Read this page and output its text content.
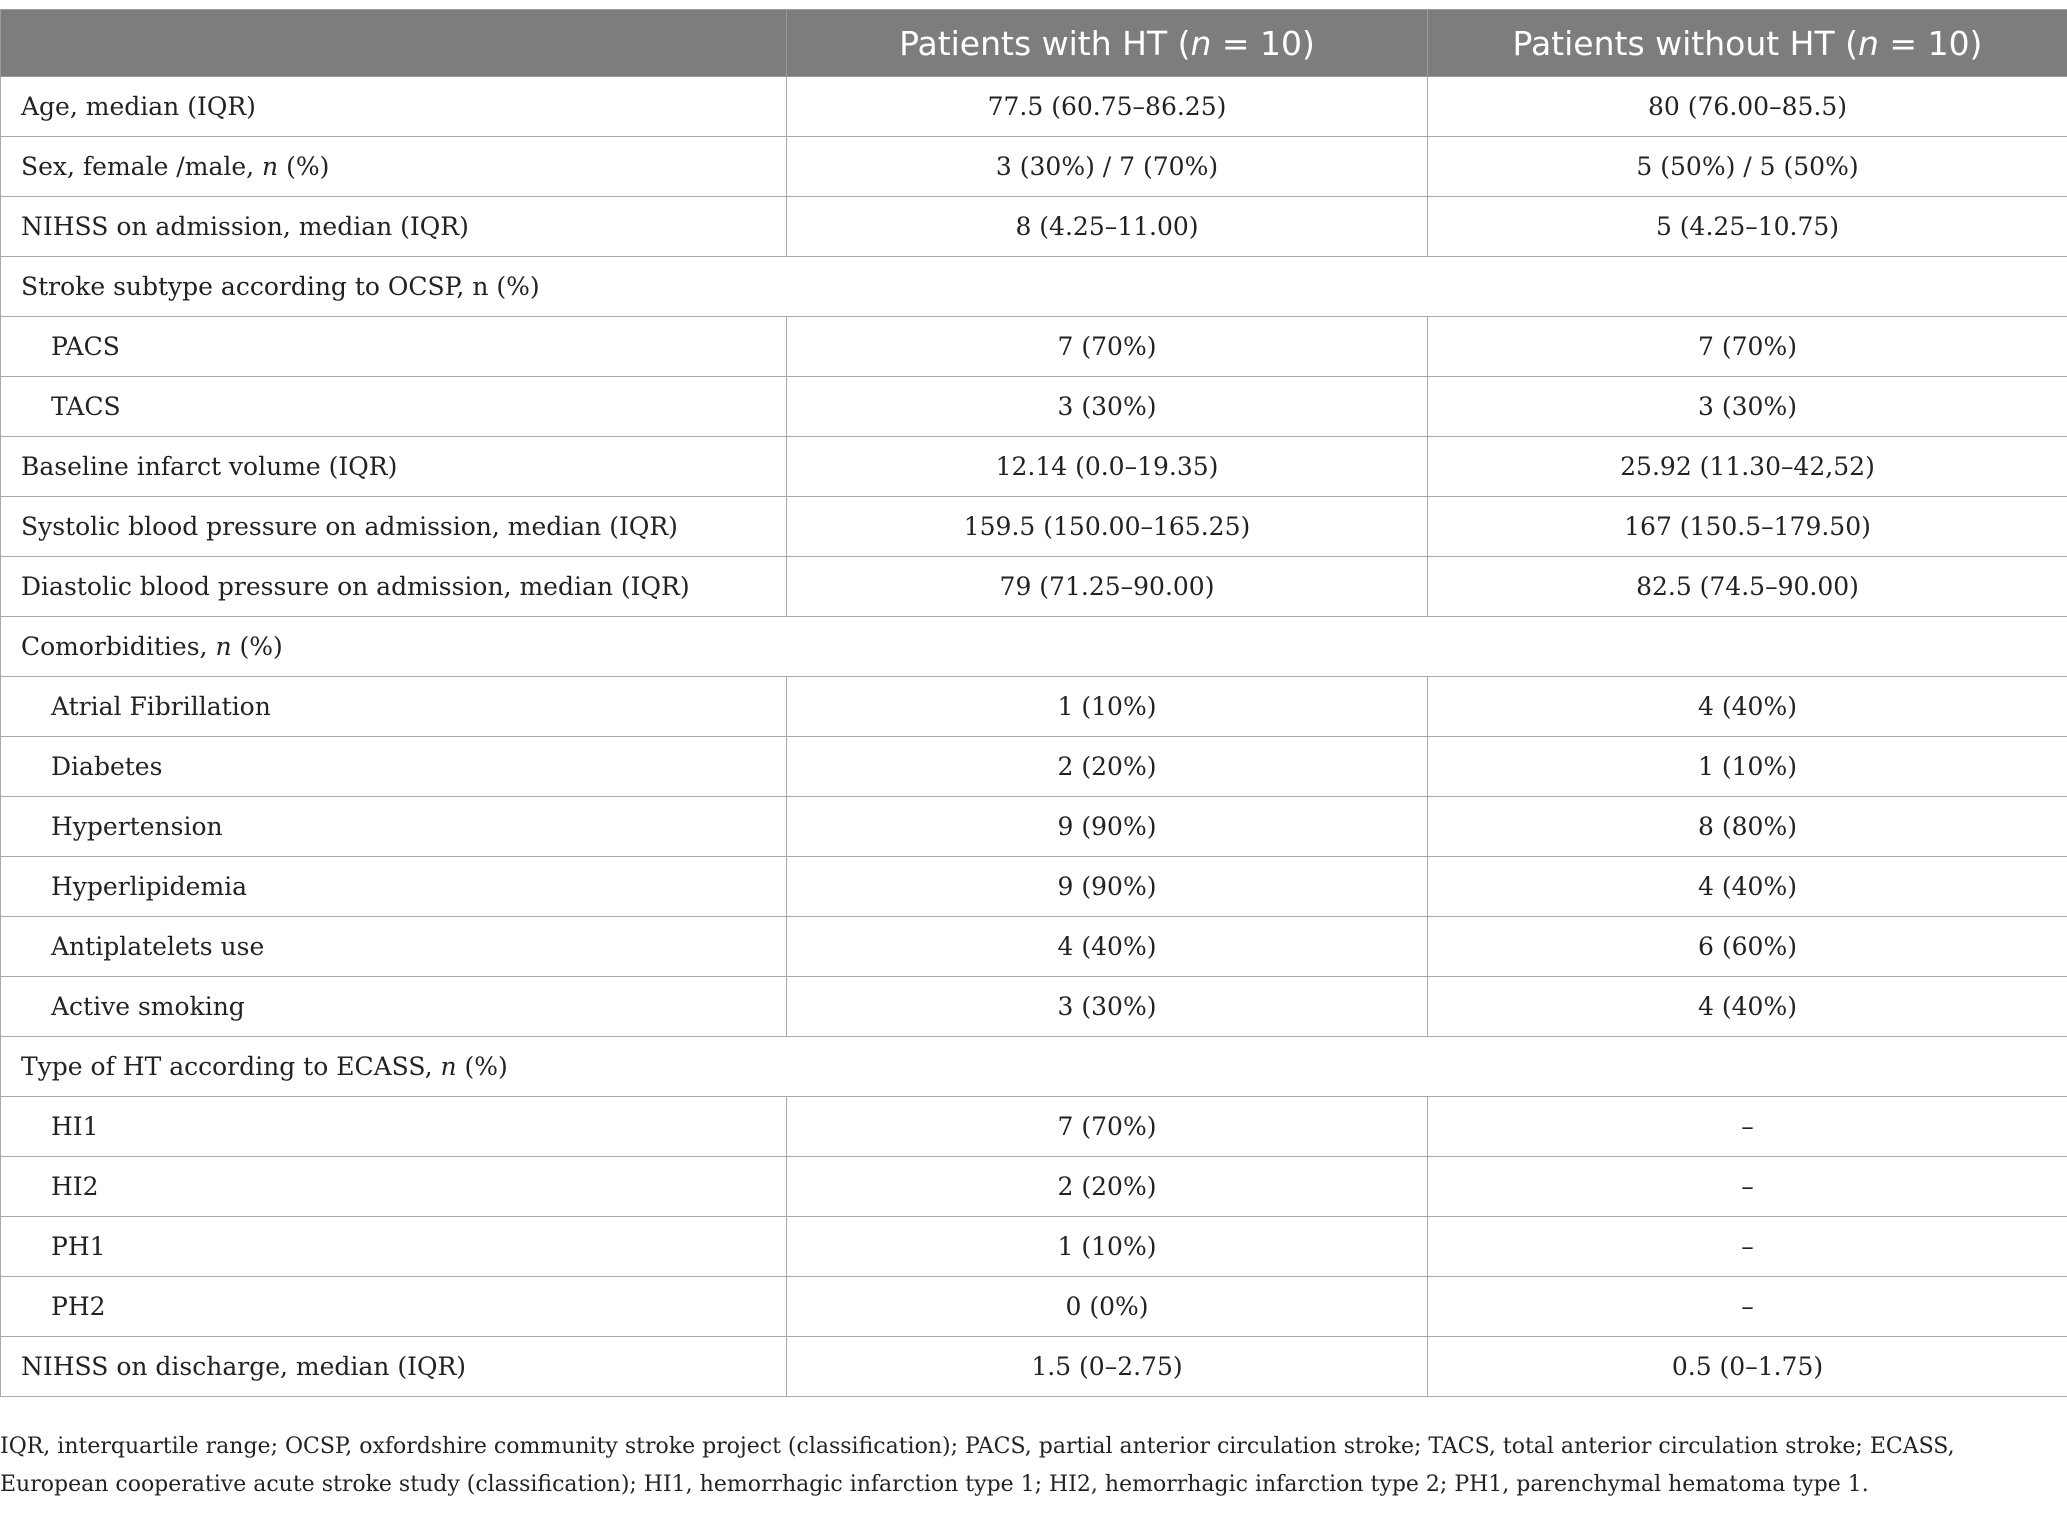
	Patients with HT (n = 10)	Patients without HT (n = 10)
Age, median (IQR)	77.5 (60.75–86.25)	80 (76.00–85.5)
Sex, female /male, n (%)	3 (30%) / 7 (70%)	5 (50%) / 5 (50%)
NIHSS on admission, median (IQR)	8 (4.25–11.00)	5 (4.25–10.75)
Stroke subtype according to OCSP, n (%)		
PACS	7 (70%)	7 (70%)
TACS	3 (30%)	3 (30%)
Baseline infarct volume (IQR)	12.14 (0.0–19.35)	25.92 (11.30–42,52)
Systolic blood pressure on admission, median (IQR)	159.5 (150.00–165.25)	167 (150.5–179.50)
Diastolic blood pressure on admission, median (IQR)	79 (71.25–90.00)	82.5 (74.5–90.00)
Comorbidities, n (%)		
Atrial Fibrillation	1 (10%)	4 (40%)
Diabetes	2 (20%)	1 (10%)
Hypertension	9 (90%)	8 (80%)
Hyperlipidemia	9 (90%)	4 (40%)
Antiplatelets use	4 (40%)	6 (60%)
Active smoking	3 (30%)	4 (40%)
Type of HT according to ECASS, n (%)		
HI1	7 (70%)	–
HI2	2 (20%)	–
PH1	1 (10%)	–
PH2	0 (0%)	–
NIHSS on discharge, median (IQR)	1.5 (0–2.75)	0.5 (0–1.75)
IQR, interquartile range; OCSP, oxfordshire community stroke project (classification); PACS, partial anterior circulation stroke; TACS, total anterior circulation stroke; ECASS, European cooperative acute stroke study (classification); HI1, hemorrhagic infarction type 1; HI2, hemorrhagic infarction type 2; PH1, parenchymal hematoma type 1.
